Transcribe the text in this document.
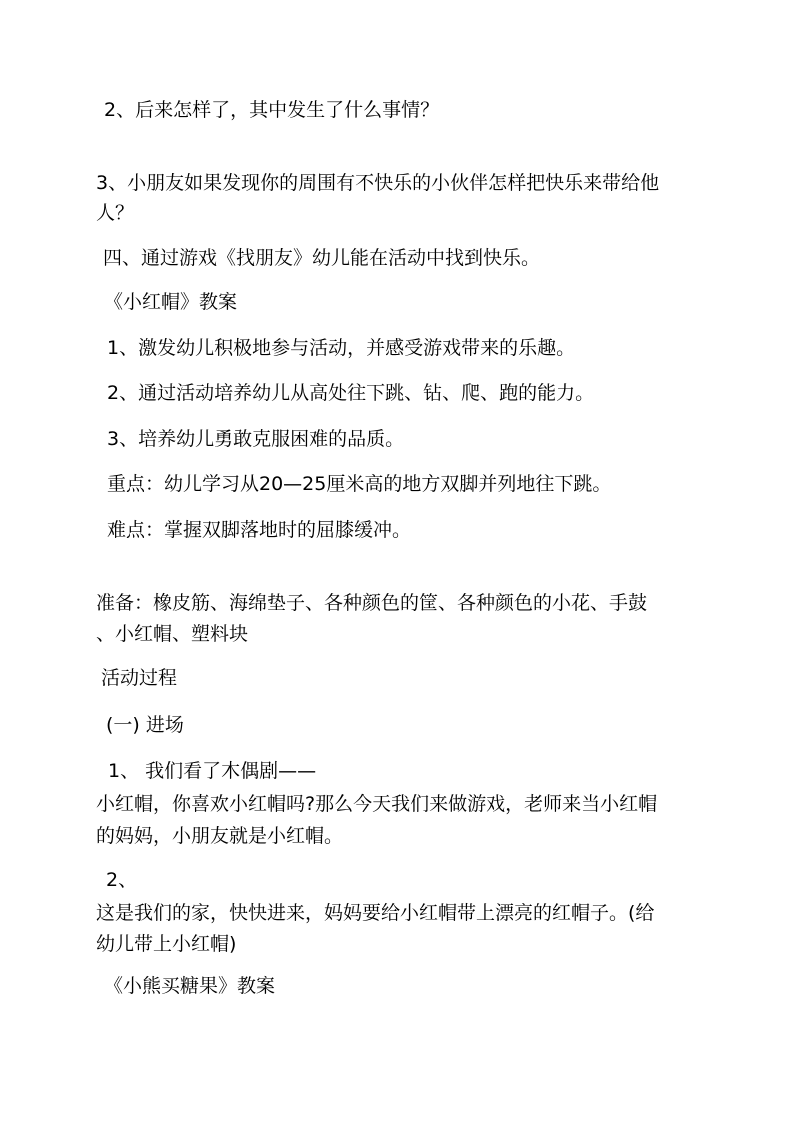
2、后来怎样了，其中发生了什么事情？
3、小朋友如果发现你的周围有不快乐的小伙伴怎样把快乐来带给他
人？
四、通过游戏《找朋友》幼儿能在活动中找到快乐。
《小红帽》教案
1、激发幼儿积极地参与活动，并感受游戏带来的乐趣。
2、通过活动培养幼儿从高处往下跳、钻、爬、跑的能力。
3、培养幼儿勇敢克服困难的品质。
重点：幼儿学习从20—25厘米高的地方双脚并列地往下跳。
难点：掌握双脚落地时的屈膝缓冲。
准备：橡皮筋、海绵垫子、各种颜色的筐、各种颜色的小花、手鼓
、小红帽、塑料块
活动过程
(一) 进场
1、 我们看了木偶剧——
小红帽，你喜欢小红帽吗?那么今天我们来做游戏，老师来当小红帽
的妈妈，小朋友就是小红帽。
2、
这是我们的家，快快进来，妈妈要给小红帽带上漂亮的红帽子。(给
幼儿带上小红帽)
《小熊买糖果》教案
